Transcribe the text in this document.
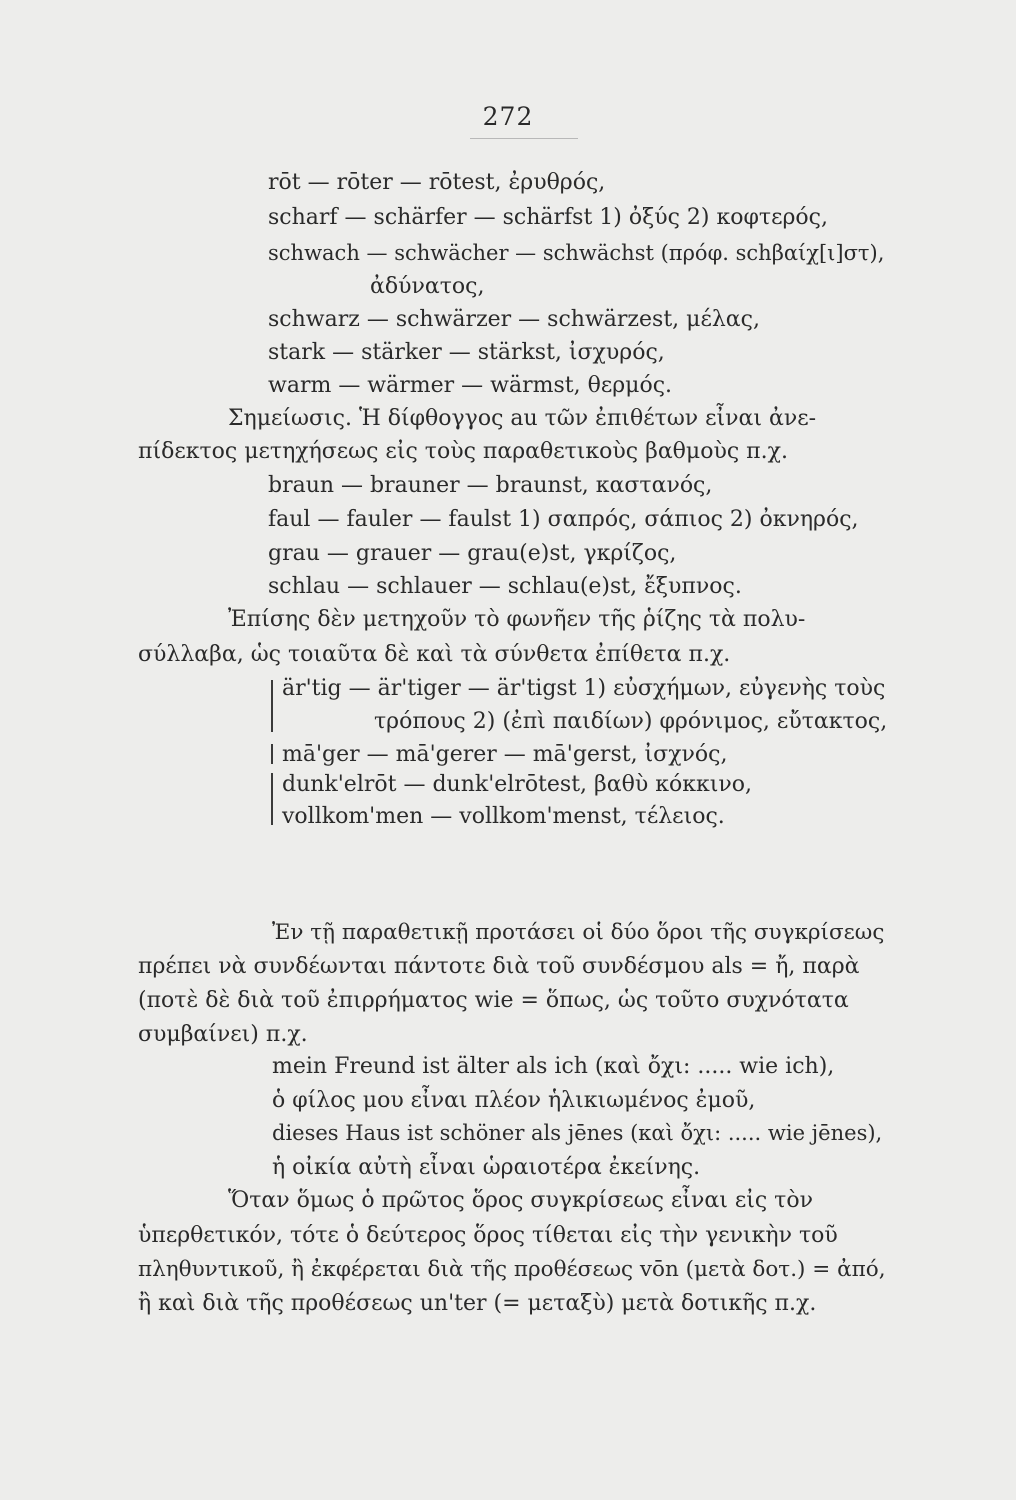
272
rōt — rōter — rōtest, ἐρυθρός,
scharf — schärfer — schärfst 1) ὀξύς 2) κοφτερός,
schwach — schwächer — schwächst (πρόφ. schβαίχ[ι]στ),
ἀδύνατος,
schwarz — schwärzer — schwärzest, μέλας,
stark — stärker — stärkst, ἰσχυρός,
warm — wärmer — wärmst, θερμός.
Σημείωσις. Ἡ δίφθογγος au τῶν ἐπιθέτων εἶναι ἀνε-
πίδεκτος μετηχήσεως εἰς τοὺς παραθετικοὺς βαθμοὺς π.χ.
braun — brauner — braunst, καστανός,
faul — fauler — faulst 1) σαπρός, σάπιος 2) ὀκνηρός,
grau — grauer — grau(e)st, γκρίζος,
schlau — schlauer — schlau(e)st, ἔξυπνος.
Ἐπίσης δὲν μετηχοῦν τὸ φωνῆεν τῆς ῥίζης τὰ πολυ-
σύλλαβα, ὡς τοιαῦτα δὲ καὶ τὰ σύνθετα ἐπίθετα π.χ.
är'tig — är'tiger — är'tigst 1) εὐσχήμων, εὐγενὴς τοὺς
τρόπους 2) (ἐπὶ παιδίων) φρόνιμος, εὔτακτος,
mā'ger — mā'gerer — mā'gerst, ἰσχνός,
dunk'elrōt — dunk'elrōtest, βαθὺ κόκκινο,
vollkom'men — vollkom'menst, τέλειος.
Ἐν τῇ παραθετικῇ προτάσει οἱ δύο ὅροι τῆς συγκρίσεως
πρέπει νὰ συνδέωνται πάντοτε διὰ τοῦ συνδέσμου als = ἤ, παρὰ
(ποτὲ δὲ διὰ τοῦ ἐπιρρήματος wie = ὅπως, ὡς τοῦτο συχνότατα
συμβαίνει) π.χ.
mein Freund ist älter als ich (καὶ ὄχι: ..... wie ich),
ὁ φίλος μου εἶναι πλέον ἡλικιωμένος ἐμοῦ,
dieses Haus ist schöner als jēnes (καὶ ὄχι: ..... wie jēnes),
ἡ οἰκία αὐτὴ εἶναι ὡραιοτέρα ἐκείνης.
Ὅταν ὅμως ὁ πρῶτος ὅρος συγκρίσεως εἶναι εἰς τὸν
ὑπερθετικόν, τότε ὁ δεύτερος ὅρος τίθεται εἰς τὴν γενικὴν τοῦ
πληθυντικοῦ, ἢ ἐκφέρεται διὰ τῆς προθέσεως vōn (μετὰ δοτ.) = ἀπό,
ἢ καὶ διὰ τῆς προθέσεως un'ter (= μεταξὺ) μετὰ δοτικῆς π.χ.
